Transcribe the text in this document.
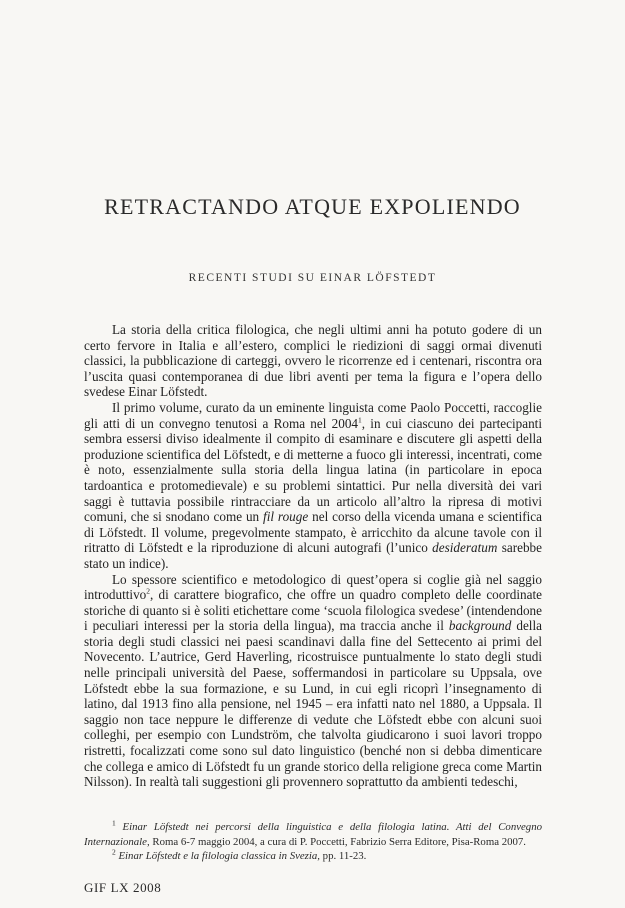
RETRACTANDO ATQUE EXPOLIENDO
RECENTI STUDI SU EINAR LÖFSTEDT

La storia della critica filologica, che negli ultimi anni ha potuto godere di un certo fervore in Italia e all’estero, complici le riedizioni di saggi ormai divenuti classici, la pubblicazione di carteggi, ovvero le ricorrenze ed i centenari, riscontra ora l’uscita quasi contemporanea di due libri aventi per tema la figura e l’opera dello svedese Einar Löfstedt.

Il primo volume, curato da un eminente linguista come Paolo Poccetti, raccoglie gli atti di un convegno tenutosi a Roma nel 2004$^1$, in cui ciascuno dei partecipanti sembra essersi diviso idealmente il compito di esaminare e discutere gli aspetti della produzione scientifica del Löfstedt, e di metterne a fuoco gli interessi, incentrati, come è noto, essenzialmente sulla storia della lingua latina (in particolare in epoca tardoantica e protomedievale) e su problemi sintattici. Pur nella diversità dei vari saggi è tuttavia possibile rintracciare da un articolo all’altro la ripresa di motivi comuni, che si snodano come un fil rouge nel corso della vicenda umana e scientifica di Löfstedt. Il volume, pregevolmente stampato, è arricchito da alcune tavole con il ritratto di Löfstedt e la riproduzione di alcuni autografi (l’unico desideratum sarebbe stato un indice).

Lo spessore scientifico e metodologico di quest’opera si coglie già nel saggio introduttivo$^2$, di carattere biografico, che offre un quadro completo delle coordinate storiche di quanto si è soliti etichettare come ‘scuola filologica svedese’ (intendendone i peculiari interessi per la storia della lingua), ma traccia anche il background della storia degli studi classici nei paesi scandinavi dalla fine del Settecento ai primi del Novecento. L’autrice, Gerd Haverling, ricostruisce puntualmente lo stato degli studi nelle principali università del Paese, soffermandosi in particolare su Uppsala, ove Löfstedt ebbe la sua formazione, e su Lund, in cui egli ricoprì l’insegnamento di latino, dal 1913 fino alla pensione, nel 1945 – era infatti nato nel 1880, a Uppsala. Il saggio non tace neppure le differenze di vedute che Löfstedt ebbe con alcuni suoi colleghi, per esempio con Lundström, che talvolta giudicarono i suoi lavori troppo ristretti, focalizzati come sono sul dato linguistico (benché non si debba dimenticare che collega e amico di Löfstedt fu un grande storico della religione greca come Martin Nilsson). In realtà tali suggestioni gli provennero soprattutto da ambienti tedeschi,

$^1$ Einar Löfstedt nei percorsi della linguistica e della filologia latina. Atti del Convegno Internazionale, Roma 6-7 maggio 2004, a cura di P. Poccetti, Fabrizio Serra Editore, Pisa-Roma 2007.

$^2$ Einar Löfstedt e la filologia classica in Svezia, pp. 11-23.

GIF LX 2008
